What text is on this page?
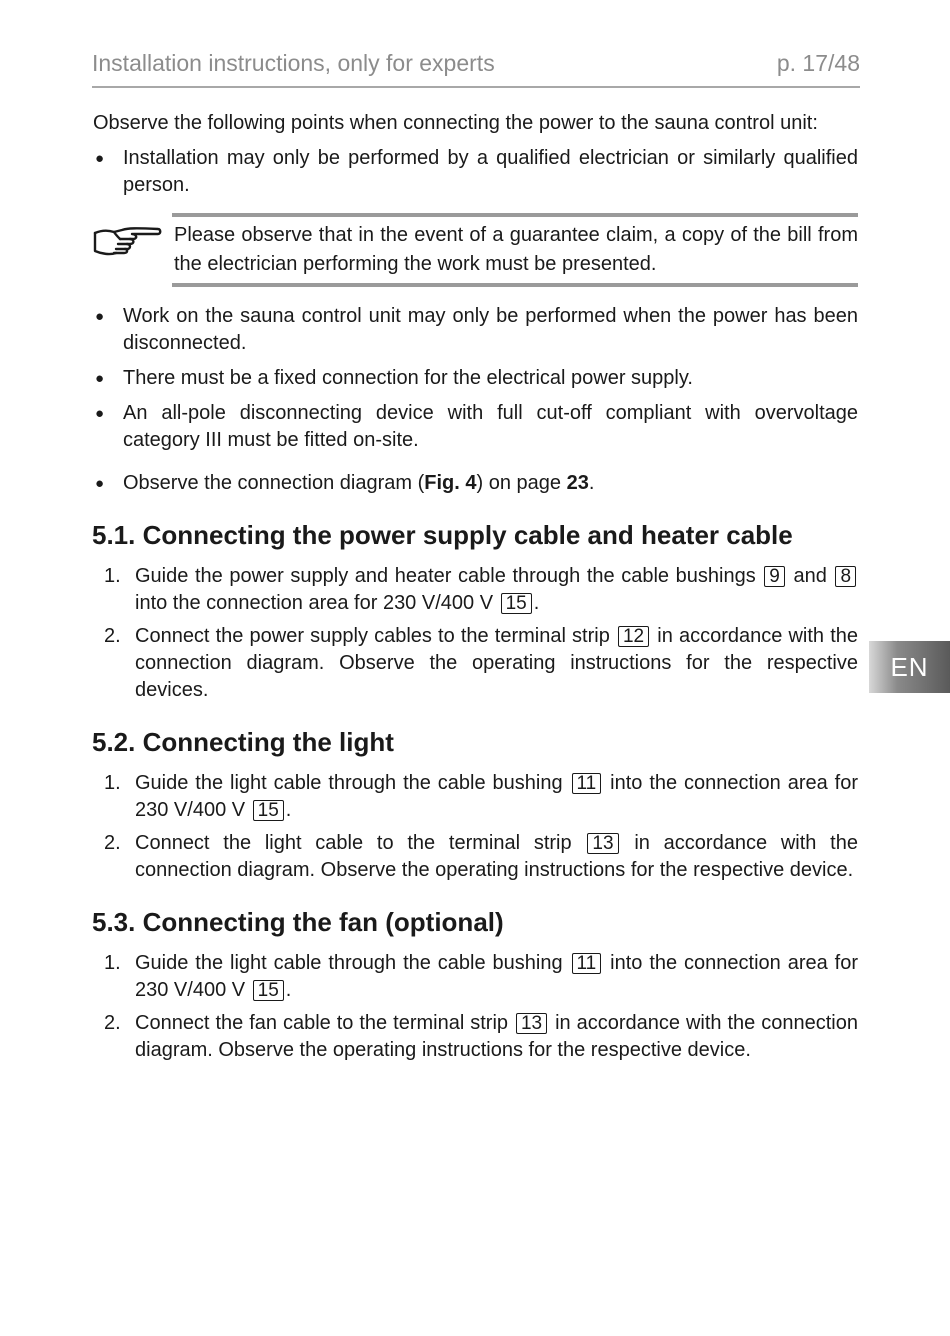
Installation instructions, only for experts	p. 17/48

Observe the following points when connecting the power to the sauna control unit:

● Installation may only be performed by a qualified electrician or similarly qualified person.
Please observe that in the event of a guarantee claim, a copy of the bill from the electrician performing the work must be presented.
● Work on the sauna control unit may only be performed when the power has been disconnected.
● There must be a fixed connection for the electrical power supply.
● An all-pole disconnecting device with full cut-off compliant with overvoltage category III must be fitted on-site.
● Observe the connection diagram (Fig. 4) on page 23.
5.1. Connecting the power supply cable and heater cable
1. Guide the power supply and heater cable through the cable bushings 9 and 8 into the connection area for 230 V/400 V 15 .
2. Connect the power supply cables to the terminal strip 12 in accordance with the connection diagram. Observe the operating instructions for the respective devices.
5.2. Connecting the light
1. Guide the light cable through the cable bushing 11 into the connection area for 230 V/400 V 15 .
2. Connect the light cable to the terminal strip 13 in accordance with the connection diagram. Observe the operating instructions for the respective device.
5.3. Connecting the fan (optional)
1. Guide the light cable through the cable bushing 11 into the connection area for 230 V/400 V 15 .
2. Connect the fan cable to the terminal strip 13 in accordance with the connection diagram. Observe the operating instructions for the respective device.
EN
